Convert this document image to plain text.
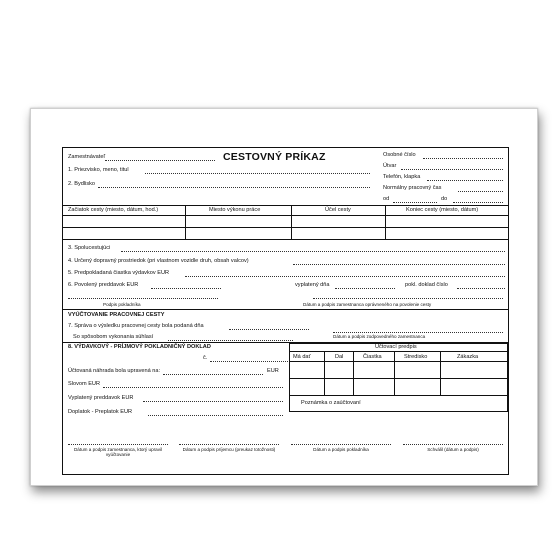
Zamestnávateľ	CESTOVNÝ PRÍKAZ
1. Priezvisko, meno, titul
2. Bydlisko
Osobné číslo
Útvar
Telefón, klapka
Normálny pracovný čas
od	do
Začiatok cesty (miesto, dátum, hod.)	Miesto výkonu práce	Účel cesty	Koniec cesty (miesto, dátum)
3. Spolucestujúci
4. Určený dopravný prostriedok (pri vlastnom vozidle druh, obsah valcov)
5. Predpokladaná čiastka výdavkov EUR
6. Povolený preddavok EUR	vyplatený dňa	pokl. doklad číslo
Podpis pokladníka	Dátum a podpis zamestnanca oprávneného na povolenie cesty
VYÚČTOVANIE PRACOVNEJ CESTY
7. Správa o výsledku pracovnej cesty bola podaná dňa
So spôsobom vykonania súhlasí	Dátum a podpis zodpovedného zamestnanca
8. VÝDAVKOVÝ - PRÍJMOVÝ POKLADNIČNÝ DOKLAD
č.
Účtovaná náhrada bola upravená na:	EUR
Slovom EUR
Vyplatený preddavok EUR
Doplatok - Preplatok EUR
Účtovací predpis
Má dať	Dal	Čiastka	Stredisko	Zákazka
Poznámka o zaúčtovaní
Dátum a podpis zamestnanca, ktorý upravil vyúčtovanie
Dátum a podpis príjemcu (preukaz totožnosti)	Dátum a podpis pokladníka	Schválil (dátum a podpis)
